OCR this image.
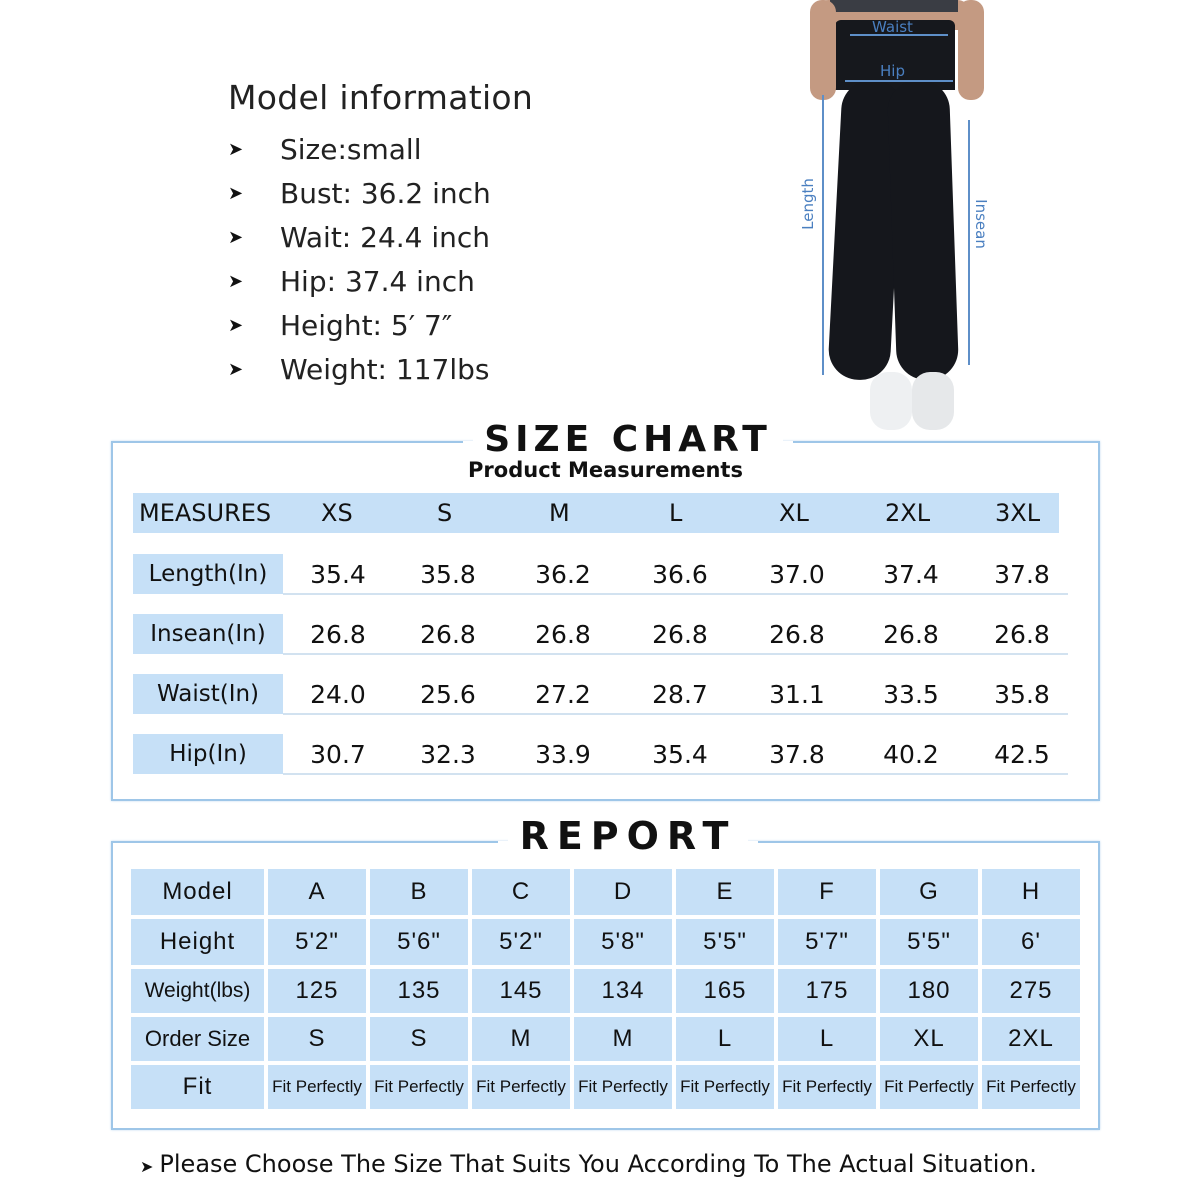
Model information
➤	Size:small
➤	Bust: 36.2 inch
➤	Wait: 24.4 inch
➤	Hip: 37.4 inch
➤	Height: 5′ 7″
➤	Weight: 117lbs
Waist
Hip
Length	Insean
SIZE CHART
Product Measurements
MEASURES XS	S	M	L	XL	2XL	3XL
Length(In)	35.4	35.8	36.2	36.6	37.0	37.4	37.8
Insean(In)	26.8	26.8	26.8	26.8	26.8	26.8	26.8
Waist(In)	24.0	25.6	27.2	28.7	31.1	33.5	35.8
Hip(In)	30.7	32.3	33.9	35.4	37.8	40.2	42.5
REPORT
Model	A	B	C	D	E	F	G	H
Height	5'2"	5'6"	5'2"	5'8"	5'5"	5'7"	5'5"	6'
Weight(lbs)	125	135	145	134	165	175	180	275
Order Size	S	S	M	M	L	L	XL	2XL
Fit	Fit Perfectly	Fit Perfectly	Fit Perfectly	Fit Perfectly	Fit Perfectly	Fit Perfectly	Fit Perfectly	Fit Perfectly
➤ Please Choose The Size That Suits You According To The Actual Situation.
